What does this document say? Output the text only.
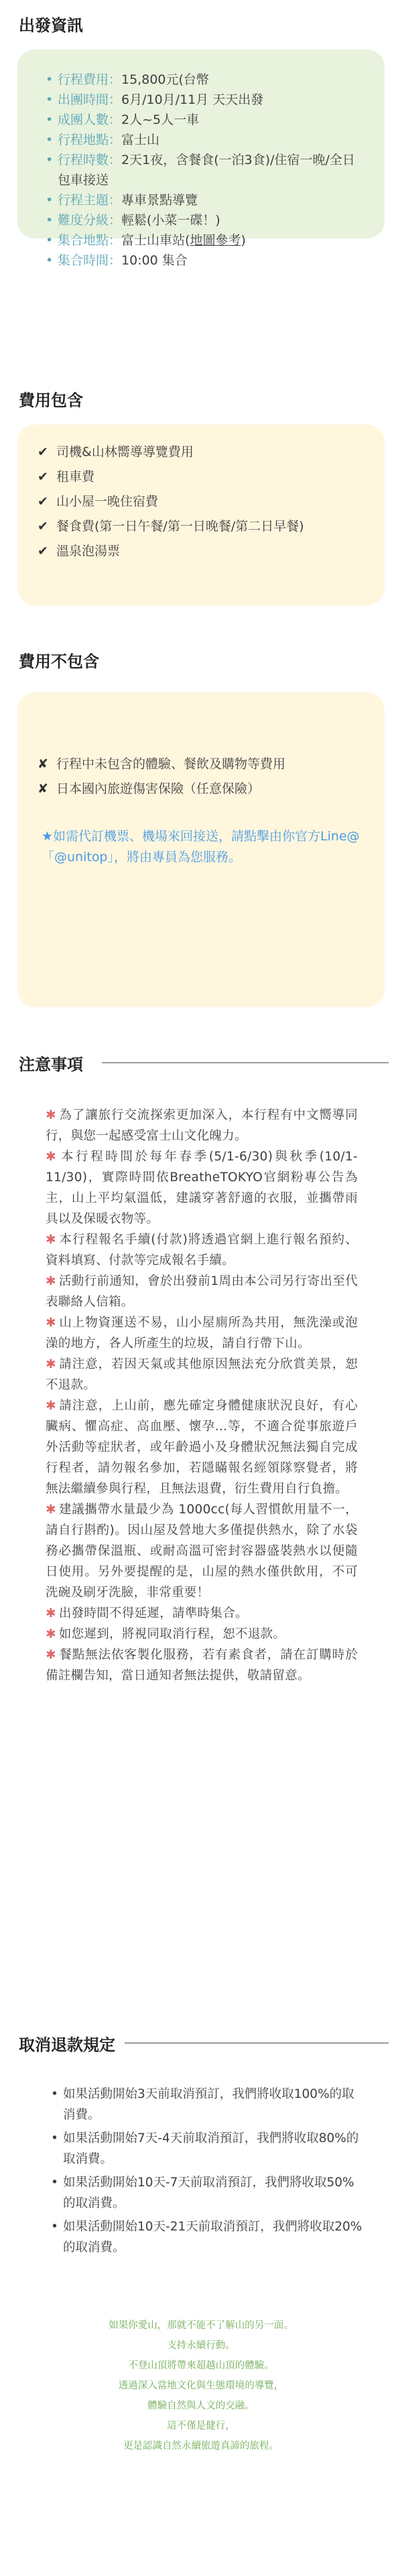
出發資訊
• 行程費用：15,800元(台幣
• 出團時間：6月/10月/11月 天天出發
• 成團人數：2人~5人一車
• 行程地點：富士山
• 行程時數：2天1夜，含餐食(一泊3食)/住宿一晚/全日包車接送
• 行程主題：專車景點導覽
• 難度分級：輕鬆(小菜一碟！)
• 集合地點：富士山車站(地圖參考)
• 集合時間：10:00 集合
費用包含
✔ 司機&山林嚮導導覽費用
✔ 租車費
✔ 山小屋一晚住宿費
✔ 餐食費(第一日午餐/第一日晚餐/第二日早餐)
✔ 溫泉泡湯票
費用不包含
✘ 行程中未包含的體驗、餐飲及購物等費用
✘ 日本國內旅遊傷害保險（任意保險）
★如需代訂機票、機場來回接送，請點擊由你官方Line@「@unitop」，將由專員為您服務。
注意事項
✱ 為了讓旅行交流探索更加深入，本行程有中文嚮導同行，與您一起感受富士山文化魄力。
✱ 本行程時間於每年春季(5/1-6/30)與秋季(10/1-11/30)，實際時間依BreatheTOKYO官網粉專公告為主，山上平均氣溫低，建議穿著舒適的衣服，並攜帶雨具以及保暖衣物等。
✱ 本行程報名手續(付款)將透過官網上進行報名預約、資料填寫、付款等完成報名手續。
✱ 活動行前通知，會於出發前1周由本公司另行寄出至代表聯絡人信箱。
✱ 山上物資運送不易，山小屋廁所為共用，無洗澡或泡澡的地方，各人所產生的垃圾，請自行帶下山。
✱ 請注意，若因天氣或其他原因無法充分欣賞美景，恕不退款。
✱ 請注意，上山前，應先確定身體健康狀況良好，有心臟病、懼高症、高血壓、懷孕...等，不適合從事旅遊戶外活動等症狀者，或年齡過小及身體狀況無法獨自完成行程者，請勿報名參加，若隱瞞報名經領隊察覺者，將無法繼續參與行程，且無法退費，衍生費用自行負擔。
✱ 建議攜帶水量最少為 1000cc(每人習慣飲用量不一，請自行斟酌)。因山屋及營地大多僅提供熱水，除了水袋務必攜帶保溫瓶、或耐高溫可密封容器盛裝熱水以便隨日使用。另外要提醒的是，山屋的熱水僅供飲用，不可洗碗及刷牙洗臉，非常重要！
✱ 出發時間不得延遲，請準時集合。
✱ 如您遲到，將視同取消行程，恕不退款。
✱ 餐點無法依客製化服務，若有素食者，請在訂購時於備註欄告知，當日通知者無法提供，敬請留意。
取消退款規定
• 如果活動開始3天前取消預訂，我們將收取100%的取消費。
• 如果活動開始7天-4天前取消預訂，我們將收取80%的取消費。
• 如果活動開始10天-7天前取消預訂，我們將收取50%的取消費。
• 如果活動開始10天-21天前取消預訂，我們將收取20%的取消費。
如果你愛山，那就不能不了解山的另一面。
支持永續行動。
不登山頂將帶來超越山頂的體驗。
透過深入當地文化與生態環境的導覽，
體驗自然與人文的交融。
這不僅是健行，
更是認識自然永續旅遊真諦的旅程。
